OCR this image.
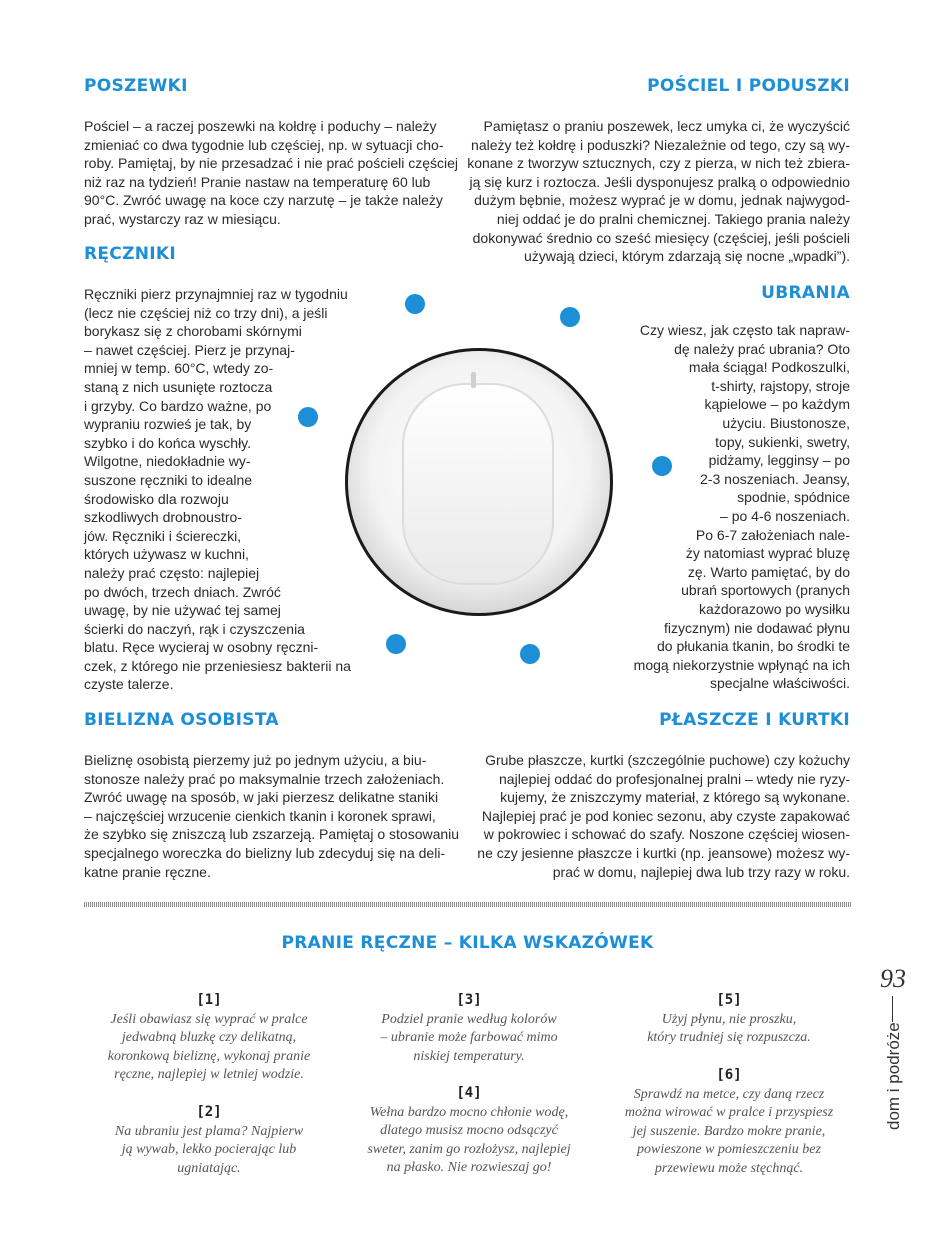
POSZEWKI	POŚCIEL I PODUSZKI
RĘCZNIKI
UBRANIA
BIELIZNA OSOBISTA	PŁASZCZE I KURTKI
Pościel – a raczej poszewki na kołdrę i poduchy – należy
zmieniać co dwa tygodnie lub częściej, np. w sytuacji cho-
roby. Pamiętaj, by nie przesadzać i nie prać pościeli częściej
niż raz na tydzień! Pranie nastaw na temperaturę 60 lub
90°C. Zwróć uwagę na koce czy narzutę – je także należy
prać, wystarczy raz w miesiącu.
Pamiętasz o praniu poszewek, lecz umyka ci, że wyczyścić
należy też kołdrę i poduszki? Niezależnie od tego, czy są wy-
konane z tworzyw sztucznych, czy z pierza, w nich też zbiera-
ją się kurz i roztocza. Jeśli dysponujesz pralką o odpowiednio
dużym bębnie, możesz wyprać je w domu, jednak najwygod-
niej oddać je do pralni chemicznej. Takiego prania należy
dokonywać średnio co sześć miesięcy (częściej, jeśli pościeli
używają dzieci, którym zdarzają się nocne „wpadki”).
Ręczniki pierz przynajmniej raz w tygodniu
(lecz nie częściej niż co trzy dni), a jeśli
borykasz się z chorobami skórnymi
– nawet częściej. Pierz je przynaj-
mniej w temp. 60°C, wtedy zo-
staną z nich usunięte roztocza
i grzyby. Co bardzo ważne, po
wypraniu rozwieś je tak, by
szybko i do końca wyschły.
Wilgotne, niedokładnie wy-
suszone ręczniki to idealne
środowisko dla rozwoju
szkodliwych drobnoustro-
jów. Ręczniki i ściereczki,
których używasz w kuchni,
należy prać często: najlepiej
po dwóch, trzech dniach. Zwróć
uwagę, by nie używać tej samej
ścierki do naczyń, rąk i czyszczenia
blatu. Ręce wycieraj w osobny ręczni-
czek, z którego nie przeniesiesz bakterii na
czyste talerze.
Czy wiesz, jak często tak napraw-
dę należy prać ubrania? Oto
mała ściąga! Podkoszulki,
t-shirty, rajstopy, stroje
kąpielowe – po każdym
użyciu. Biustonosze,
topy, sukienki, swetry,
pidżamy, legginsy – po
2-3 noszeniach. Jeansy,
spodnie, spódnice
– po 4-6 noszeniach.
Po 6-7 założeniach nale-
ży natomiast wyprać bluzę
zę. Warto pamiętać, by do
ubrań sportowych (pranych
każdorazowo po wysiłku
fizycznym) nie dodawać płynu
do płukania tkanin, bo środki te
mogą niekorzystnie wpłynąć na ich
specjalne właściwości.
Bieliznę osobistą pierzemy już po jednym użyciu, a biu-
stonosze należy prać po maksymalnie trzech założeniach.
Zwróć uwagę na sposób, w jaki pierzesz delikatne staniki
– najczęściej wrzucenie cienkich tkanin i koronek sprawi,
że szybko się zniszczą lub zszarzeją. Pamiętaj o stosowaniu
specjalnego woreczka do bielizny lub zdecyduj się na deli-
katne pranie ręczne.
Grube płaszcze, kurtki (szczególnie puchowe) czy kożuchy
najlepiej oddać do profesjonalnej pralni – wtedy nie ryzy-
kujemy, że zniszczymy materiał, z którego są wykonane.
Najlepiej prać je pod koniec sezonu, aby czyste zapakować
w pokrowiec i schować do szafy. Noszone częściej wiosen-
ne czy jesienne płaszcze i kurtki (np. jeansowe) możesz wy-
prać w domu, najlepiej dwa lub trzy razy w roku.
PRANIE RĘCZNE – KILKA WSKAZÓWEK
[1]
Jeśli obawiasz się wyprać w pralce
jedwabną bluzkę czy delikatną,
koronkową bieliznę, wykonaj pranie
ręczne, najlepiej w letniej wodzie.
[2]
Na ubraniu jest plama? Najpierw
ją wywab, lekko pocierając lub
ugniatając.
[3]
Podziel pranie według kolorów
– ubranie może farbować mimo
niskiej temperatury.
[4]
Wełna bardzo mocno chłonie wodę,
dlatego musisz mocno odsączyć
sweter, zanim go rozłożysz, najlepiej
na płasko. Nie rozwieszaj go!
[5]
Użyj płynu, nie proszku,
który trudniej się rozpuszcza.
[6]
Sprawdź na metce, czy daną rzecz
można wirować w pralce i przyspiesz
jej suszenie. Bardzo mokre pranie,
powieszone w pomieszczeniu bez
przewiewu może stęchnąć.
93
dom i podróże
